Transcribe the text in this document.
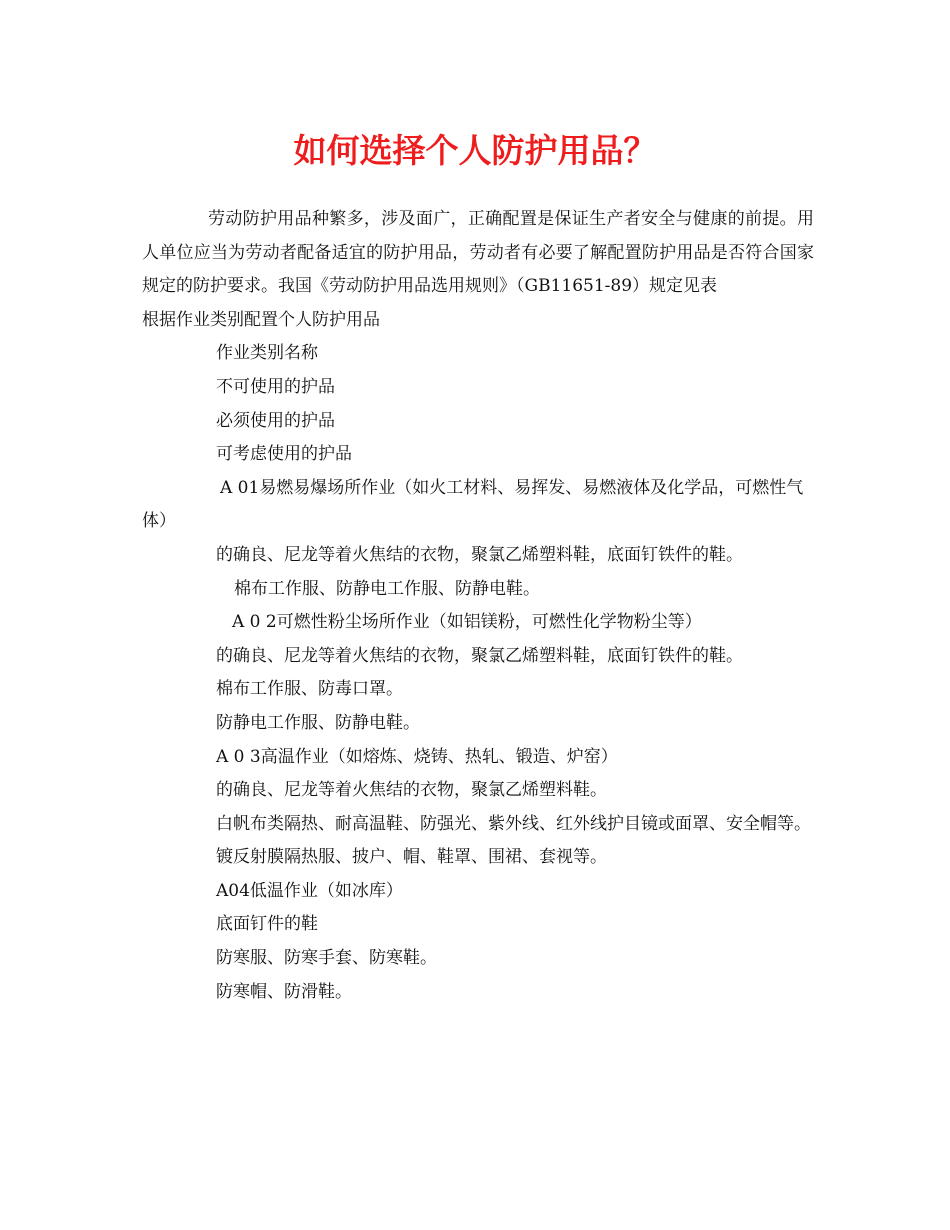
如何选择个人防护用品？

劳动防护用品种繁多，涉及面广，正确配置是保证生产者安全与健康的前提。用人单位应当为劳动者配备适宜的防护用品，劳动者有必要了解配置防护用品是否符合国家规定的防护要求。我国《劳动防护用品选用规则》（GB11651-89）规定见表

根据作业类别配置个人防护用品

作业类别名称

不可使用的护品

必须使用的护品

可考虑使用的护品

A 01易燃易爆场所作业（如火工材料、易挥发、易燃液体及化学品，可燃性气体）

的确良、尼龙等着火焦结的衣物，聚氯乙烯塑料鞋，底面钉铁件的鞋。

棉布工作服、防静电工作服、防静电鞋。

A 0 2可燃性粉尘场所作业（如铝镁粉，可燃性化学物粉尘等）

的确良、尼龙等着火焦结的衣物，聚氯乙烯塑料鞋，底面钉铁件的鞋。

棉布工作服、防毒口罩。

防静电工作服、防静电鞋。

A 0 3高温作业（如熔炼、烧铸、热轧、锻造、炉窑）

的确良、尼龙等着火焦结的衣物，聚氯乙烯塑料鞋。

白帆布类隔热、耐高温鞋、防强光、紫外线、红外线护目镜或面罩、安全帽等。

镀反射膜隔热服、披户、帽、鞋罩、围裙、套视等。

A04低温作业（如冰库）

底面钉件的鞋

防寒服、防寒手套、防寒鞋。

防寒帽、防滑鞋。
